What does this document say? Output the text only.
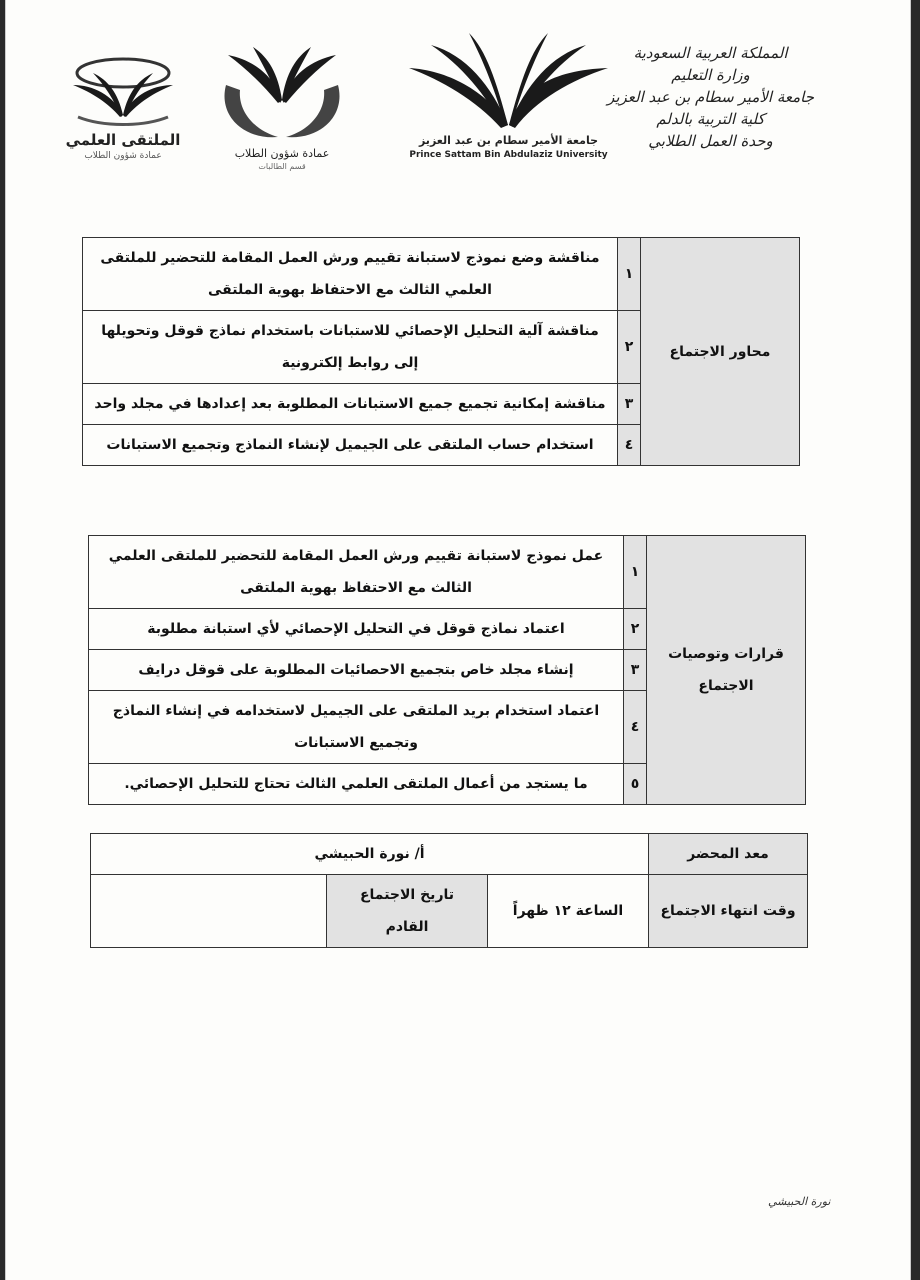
المملكة العربية السعودية
وزارة التعليم
جامعة الأمير سطام بن عبد العزيز
كلية التربية بالدلم
وحدة العمل الطلابي
جامعة الأمير سطام بن عبد العزيز
Prince Sattam Bin Abdulaziz University
عمادة شؤون الطلاب
قسم الطالبات
الملتقى العلمي
عمادة شؤون الطلاب
محاور الاجتماع	١	مناقشة وضع نموذج لاستبانة تقييم ورش العمل المقامة للتحضير للملتقى العلمي الثالث مع الاحتفاظ بهوية الملتقى
	٢	مناقشة آلية التحليل الإحصائي للاستبانات باستخدام نماذج قوقل وتحويلها إلى روابط إلكترونية
	٣	مناقشة إمكانية تجميع جميع الاستبانات المطلوبة بعد إعدادها في مجلد واحد
	٤	استخدام حساب الملتقى على الجيميل لإنشاء النماذج وتجميع الاستبانات
قرارات وتوصيات الاجتماع	١	عمل نموذج لاستبانة تقييم ورش العمل المقامة للتحضير للملتقى العلمي الثالث مع الاحتفاظ بهوية الملتقى
	٢	اعتماد نماذج قوقل في التحليل الإحصائي لأي استبانة مطلوبة
	٣	إنشاء مجلد خاص بتجميع الاحصائيات المطلوبة على قوقل درايف
	٤	اعتماد استخدام بريد الملتقى على الجيميل لاستخدامه في إنشاء النماذج وتجميع الاستبانات
	٥	ما يستجد من أعمال الملتقى العلمي الثالث تحتاج للتحليل الإحصائي.
معد المحضر	أ/ نورة الحبيشي		
وقت انتهاء الاجتماع	الساعة ١٢ ظهراً	تاريخ الاجتماع القادم	
نورة الحبيشي
